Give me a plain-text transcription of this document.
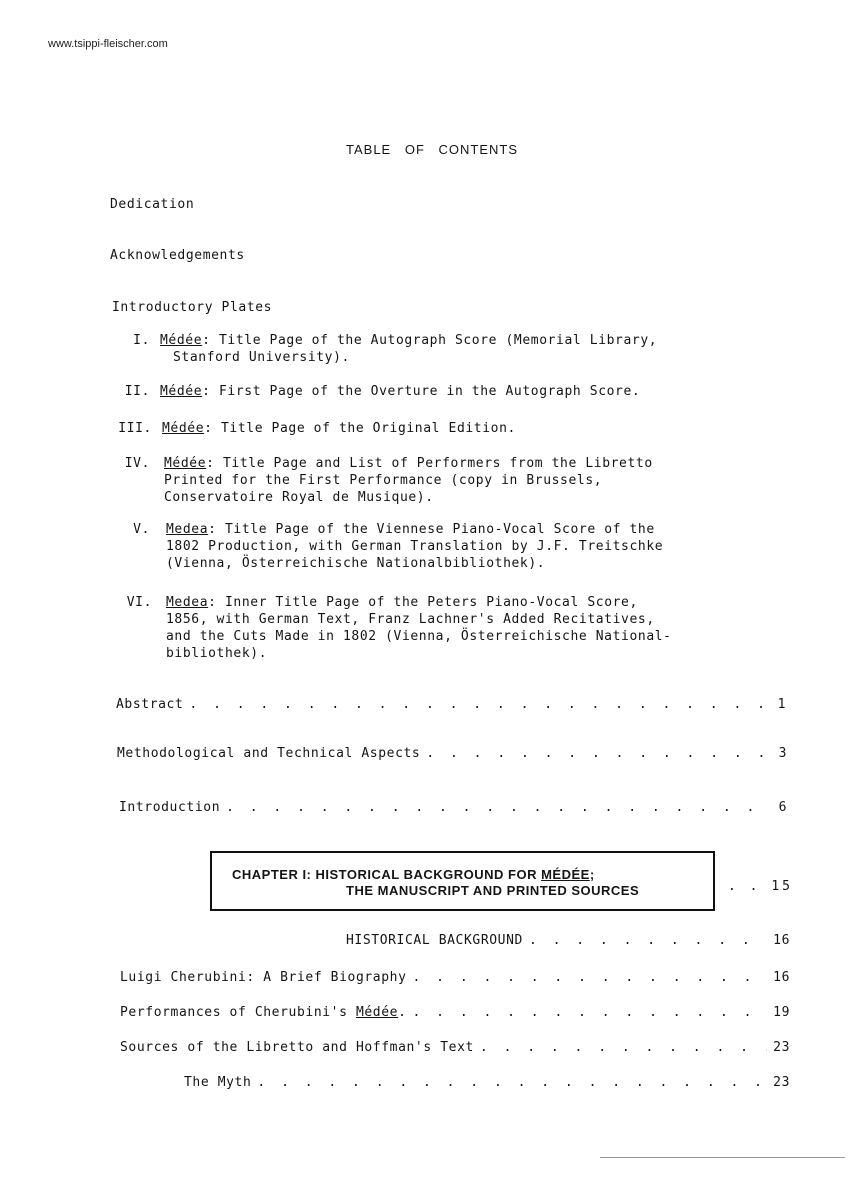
www.tsippi-fleischer.com
TABLE OF CONTENTS
Dedication
Acknowledgements
Introductory Plates
I. Médée: Title Page of the Autograph Score (Memorial Library,
Stanford University).
II. Médée: First Page of the Overture in the Autograph Score.
III. Médée: Title Page of the Original Edition.
IV. Médée: Title Page and List of Performers from the Libretto
Printed for the First Performance (copy in Brussels,
Conservatoire Royal de Musique).
V. Medea: Title Page of the Viennese Piano-Vocal Score of the
1802 Production, with German Translation by J.F. Treitschke
(Vienna, Österreichische Nationalbibliothek).
VI. Medea: Inner Title Page of the Peters Piano-Vocal Score,
1856, with German Text, Franz Lachner's Added Recitatives,
and the Cuts Made in 1802 (Vienna, Österreichische National-
bibliothek).
Abstract . . .	1
Methodological and Technical Aspects . . .	3
Introduction . . .	6
CHAPTER I: HISTORICAL BACKGROUND FOR MÉDÉE;
THE MANUSCRIPT AND PRINTED SOURCES	. . 15
HISTORICAL BACKGROUND . . .	16
Luigi Cherubini: A Brief Biography . . .	16
Performances of Cherubini's Médée. . . .	19
Sources of the Libretto and Hoffman's Text . . .	23
The Myth . . .	23
